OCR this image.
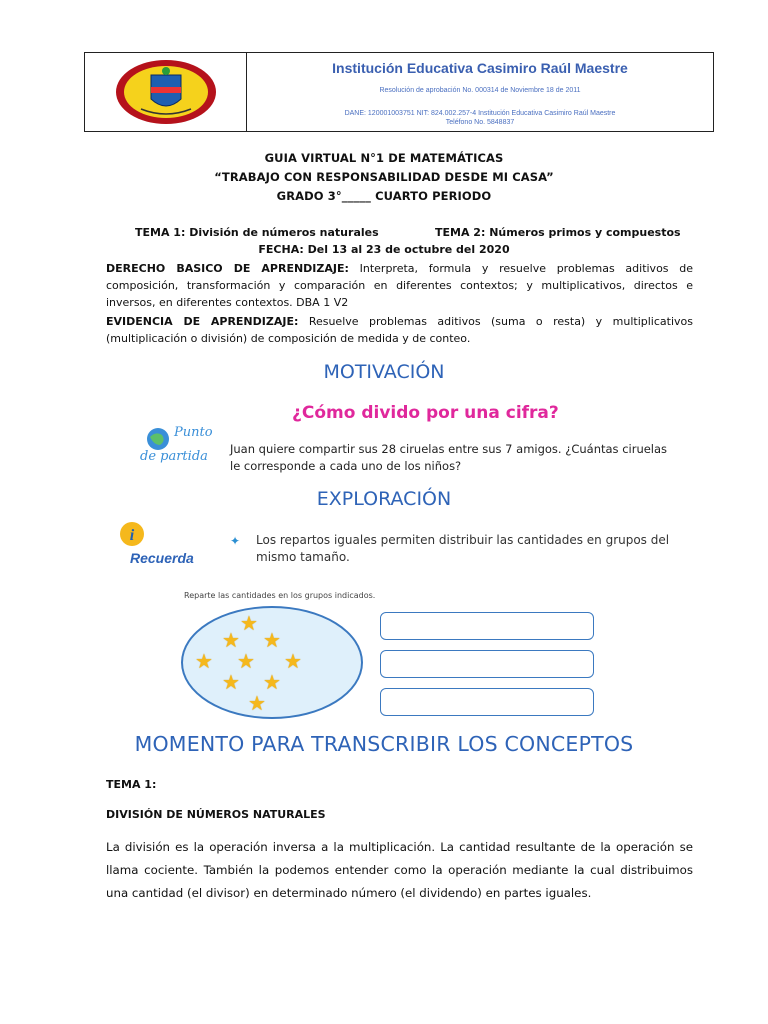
Institución Educativa Casimiro Raúl Maestre
Resolución de aprobación No. 000314 de Noviembre 18 de 2011
DANE: 120001003751 NIT: 824.002.257-4 Institución Educativa Casimiro Raúl Maestre
Teléfono No. 5848837
GUIA VIRTUAL N°1 DE MATEMÁTICAS
“TRABAJO CON RESPONSABILIDAD DESDE MI CASA”
GRADO 3°_____ CUARTO PERIODO
TEMA 1: División de números naturales	TEMA 2: Números primos y compuestos
FECHA: Del 13 al 23 de octubre del 2020
DERECHO BASICO DE APRENDIZAJE: Interpreta, formula y resuelve problemas aditivos de composición, transformación y comparación en diferentes contextos; y multiplicativos, directos e inversos, en diferentes contextos. DBA 1 V2
EVIDENCIA DE APRENDIZAJE: Resuelve problemas aditivos (suma o resta) y multiplicativos (multiplicación o división) de composición de medida y de conteo.
MOTIVACIÓN
¿Cómo divido por una cifra?
Punto
de partida Juan quiere compartir sus 28 ciruelas entre sus 7 amigos. ¿Cuántas ciruelas le corresponde a cada uno de los niños?
EXPLORACIÓN
i
Recuerda
✦ Los repartos iguales permiten distribuir las cantidades en grupos del mismo tamaño.
Reparte las cantidades en los grupos indicados.
★
★ ★
★ ★ ★
★ ★
★
MOMENTO PARA TRANSCRIBIR LOS CONCEPTOS
TEMA 1:
DIVISIÓN DE NÚMEROS NATURALES
La división es la operación inversa a la multiplicación. La cantidad resultante de la operación se llama cociente. También la podemos entender como la operación mediante la cual distribuimos una cantidad (el divisor) en determinado número (el dividendo) en partes iguales.
